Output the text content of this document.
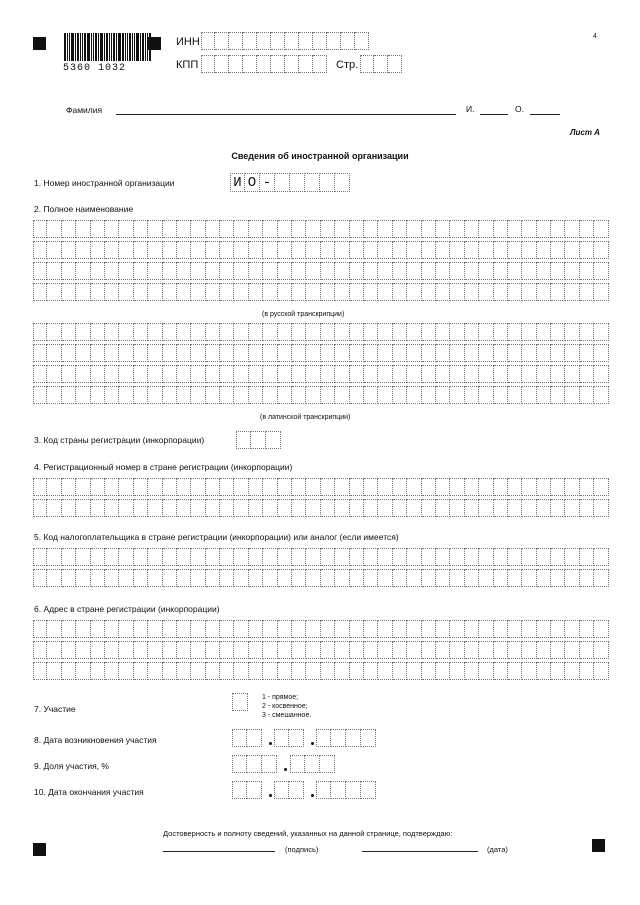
5360 1032
ИНН
КПП	Стр.
4
Фамилия	И.	О.
Лист А
Сведения об иностранной организации
1. Номер иностранной организации	И О -
2. Полное наименование
(в русской транскрипции)
(в латинской транскрипции)
3. Код страны регистрации (инкорпорации)
4. Регистрационный номер в стране регистрации (инкорпорации)
5. Код налогоплательщика в стране регистрации (инкорпорации) или аналог (если имеется)
6. Адрес в стране регистрации (инкорпорации)
7. Участие
1 - прямое;
2 - косвенное;
3 - смешанное.
8. Дата возникновения участия
9. Доля участия, %
10. Дата окончания участия
Достоверность и полноту сведений, указанных на данной странице, подтверждаю:
(подпись)	(дата)
